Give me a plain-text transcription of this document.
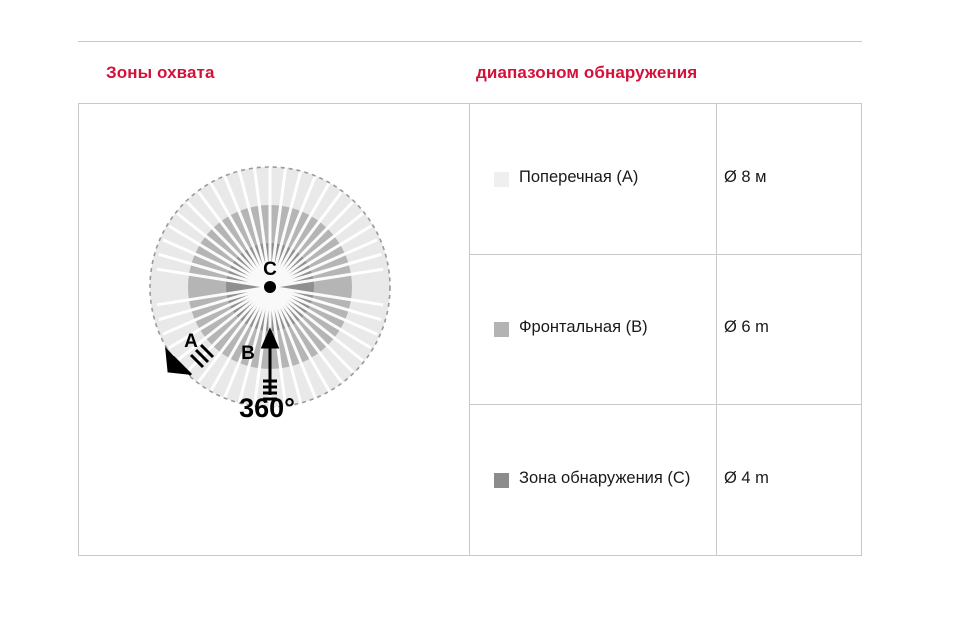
Зоны охвата	диапазоном обнаружения
C
B
A
360°
Поперечная (A)	Ø 8 м
Фронтальная (B)	Ø 6 m
Зона обнаружения (C) Ø 4 m
